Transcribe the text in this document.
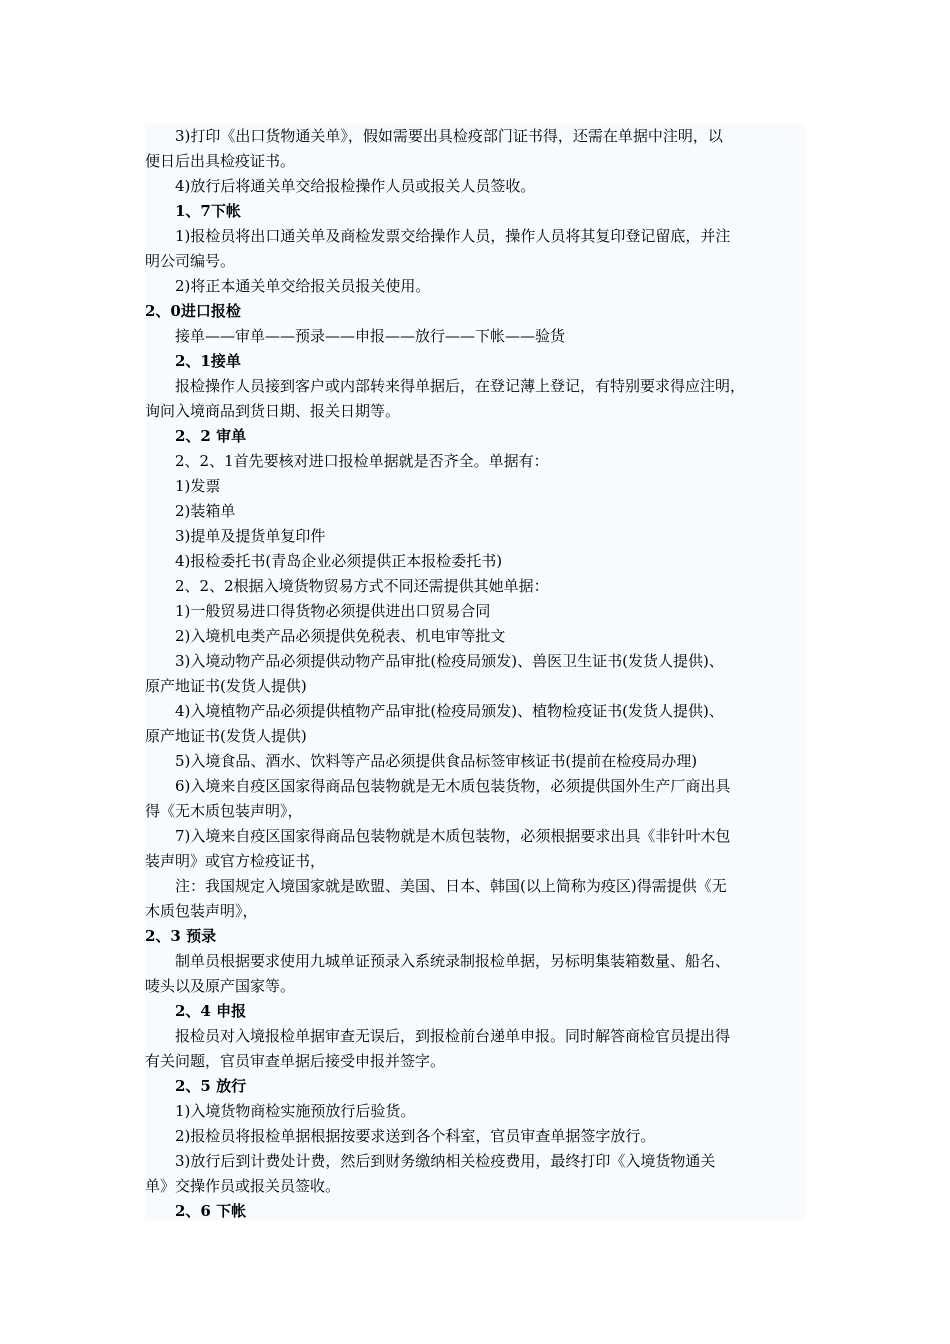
3)打印《出口货物通关单》，假如需要出具检疫部门证书得，还需在单据中注明，以
便日后出具检疫证书。
4)放行后将通关单交给报检操作人员或报关人员签收。
1、7下帐
1)报检员将出口通关单及商检发票交给操作人员，操作人员将其复印登记留底，并注
明公司编号。
2)将正本通关单交给报关员报关使用。
2、0进口报检
接单——审单——预录——申报——放行——下帐——验货
2、1接单
报检操作人员接到客户或内部转来得单据后，在登记薄上登记，有特别要求得应注明，
询问入境商品到货日期、报关日期等。
2、2 审单
2、2、1首先要核对进口报检单据就是否齐全。单据有：
1)发票
2)装箱单
3)提单及提货单复印件
4)报检委托书(青岛企业必须提供正本报检委托书)
2、2、2根据入境货物贸易方式不同还需提供其她单据：
1)一般贸易进口得货物必须提供进出口贸易合同
2)入境机电类产品必须提供免税表、机电审等批文
3)入境动物产品必须提供动物产品审批(检疫局颁发)、兽医卫生证书(发货人提供)、
原产地证书(发货人提供)
4)入境植物产品必须提供植物产品审批(检疫局颁发)、植物检疫证书(发货人提供)、
原产地证书(发货人提供)
5)入境食品、酒水、饮料等产品必须提供食品标签审核证书(提前在检疫局办理)
6)入境来自疫区国家得商品包装物就是无木质包装货物，必须提供国外生产厂商出具
得《无木质包装声明》，
7)入境来自疫区国家得商品包装物就是木质包装物，必须根据要求出具《非针叶木包
装声明》或官方检疫证书，
注：我国规定入境国家就是欧盟、美国、日本、韩国(以上简称为疫区)得需提供《无
木质包装声明》，
2、3 预录
制单员根据要求使用九城单证预录入系统录制报检单据，另标明集装箱数量、船名、
唛头以及原产国家等。
2、4 申报
报检员对入境报检单据审查无误后，到报检前台递单申报。同时解答商检官员提出得
有关问题，官员审查单据后接受申报并签字。
2、5 放行
1)入境货物商检实施预放行后验货。
2)报检员将报检单据根据按要求送到各个科室，官员审查单据签字放行。
3)放行后到计费处计费，然后到财务缴纳相关检疫费用，最终打印《入境货物通关
单》交操作员或报关员签收。
2、6 下帐
